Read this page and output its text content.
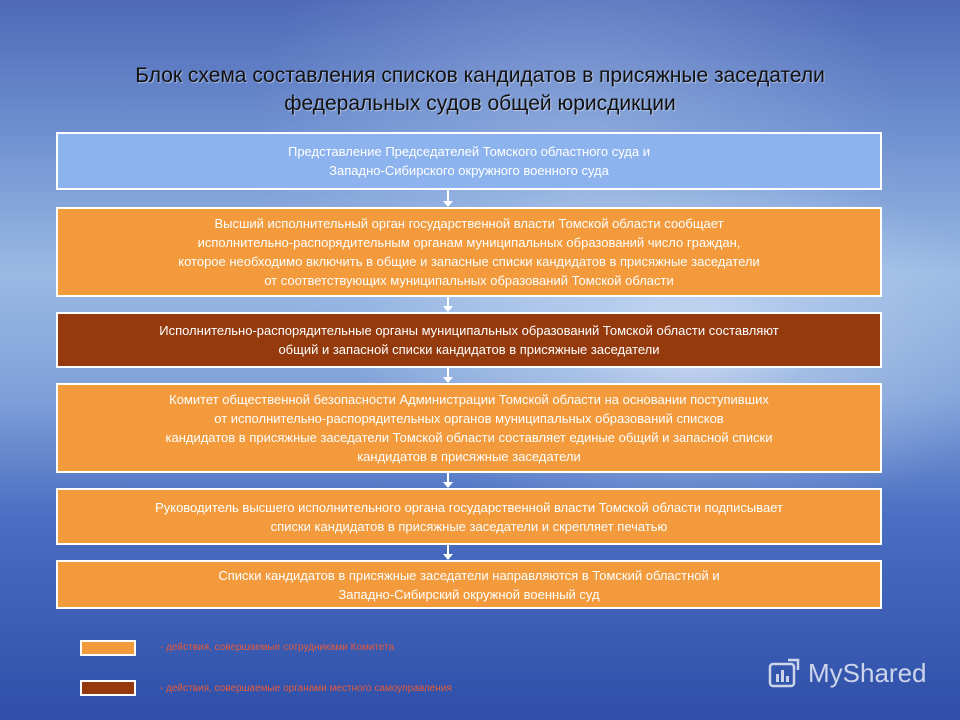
Блок схема составления списков кандидатов в присяжные заседатели
федеральных судов общей юрисдикции
Представление Председателей Томского областного суда и
Западно-Сибирского окружного военного суда
Высший исполнительный орган государственной власти Томской области сообщает
исполнительно-распорядительным органам муниципальных образований число граждан,
которое необходимо включить в общие и запасные списки кандидатов в присяжные заседатели
от соответствующих муниципальных образований Томской области
Исполнительно-распорядительные органы муниципальных образований Томской области составляют
общий и запасной списки кандидатов в присяжные заседатели
Комитет общественной безопасности Администрации Томской области на основании поступивших
от исполнительно-распорядительных органов муниципальных образований списков
кандидатов в присяжные заседатели Томской области составляет единые общий и запасной списки
кандидатов в присяжные заседатели
Руководитель высшего исполнительного органа государственной власти Томской области подписывает
списки кандидатов в присяжные заседатели и скрепляет печатью
Списки кандидатов в присяжные заседатели направляются в Томский областной и
Западно-Сибирский окружной военный суд
- действия, совершаемые сотрудниками Комитета
- действия, совершаемые органами местного самоуправления
MyShared
